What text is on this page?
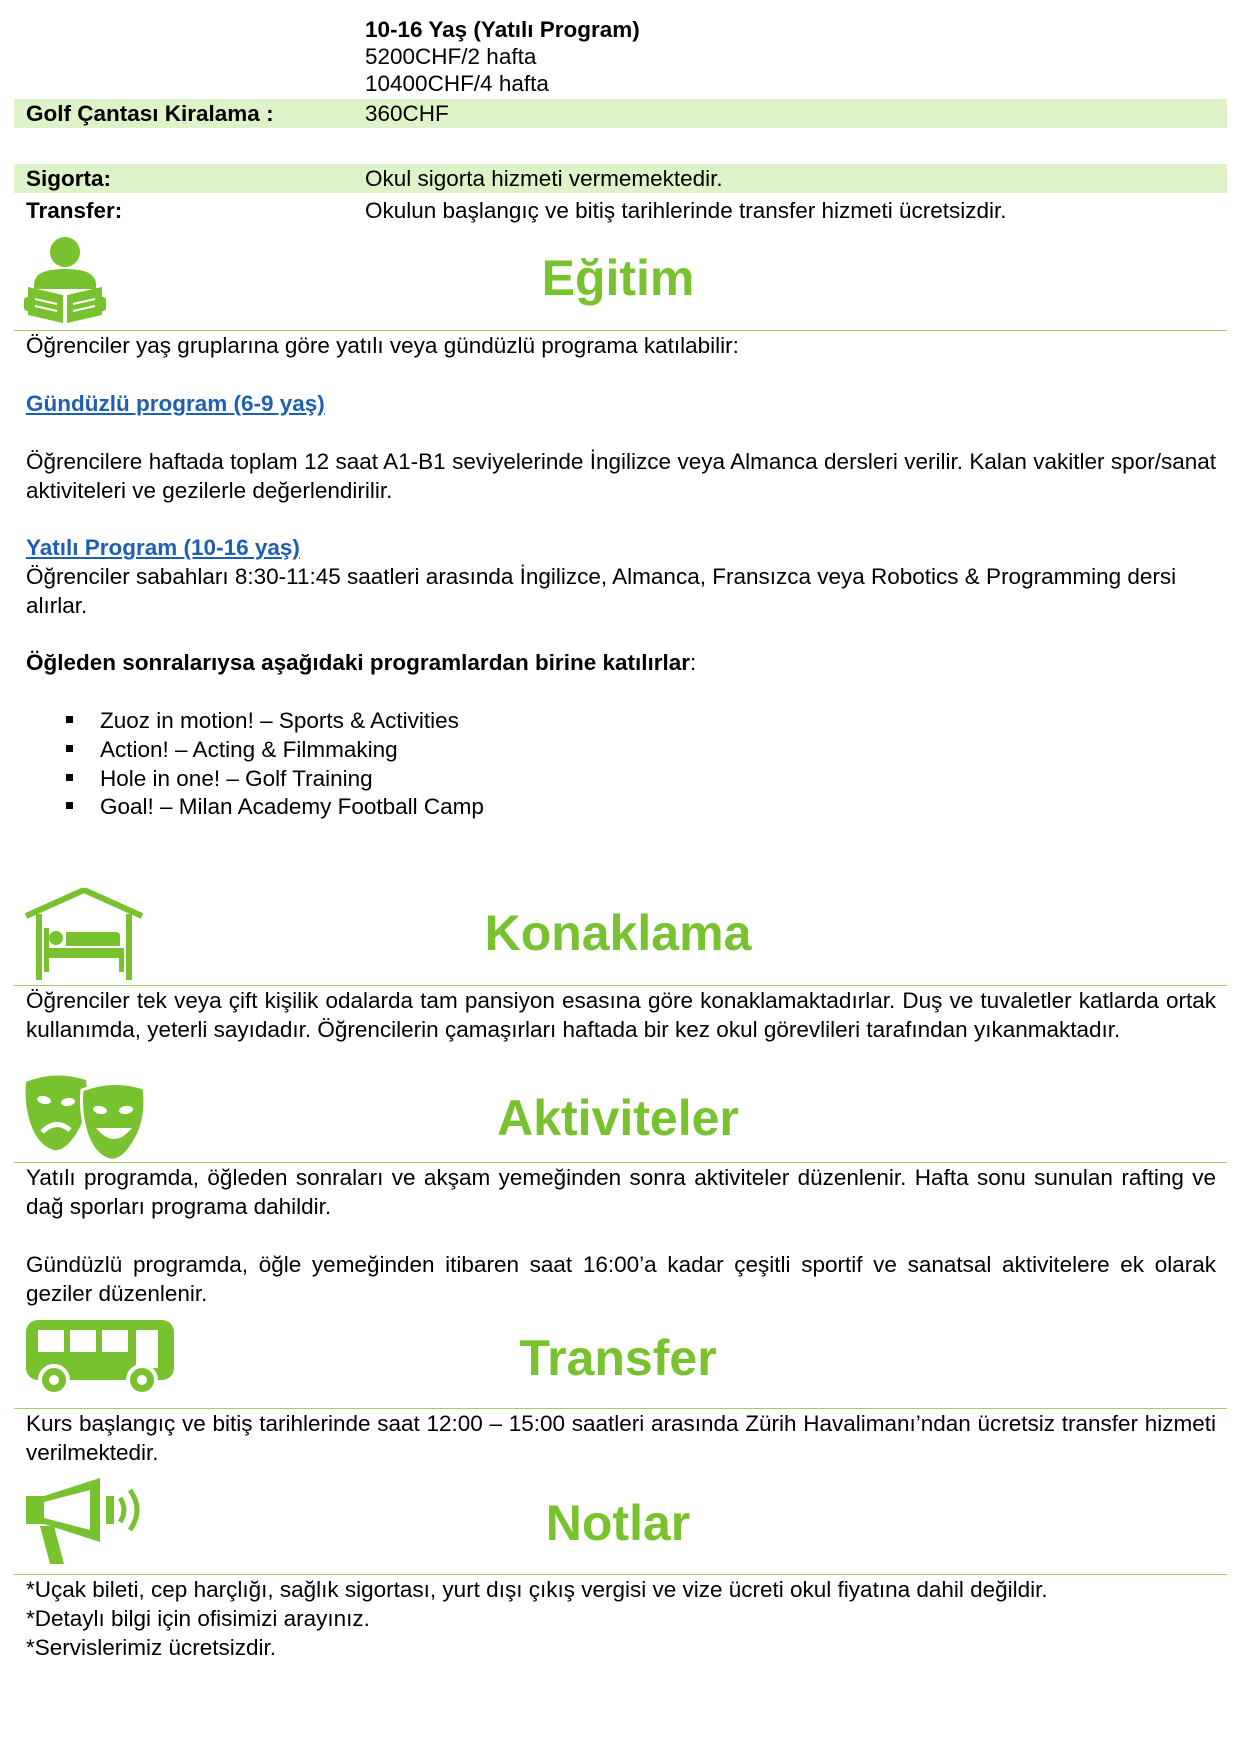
10-16 Yaş (Yatılı Program)
5200CHF/2 hafta
10400CHF/4 hafta
Golf Çantası Kiralama :	360CHF
Sigorta:	Okul sigorta hizmeti vermemektedir.
Transfer:	Okulun başlangıç ve bitiş tarihlerinde transfer hizmeti ücretsizdir.
Eğitim
Öğrenciler yaş gruplarına göre yatılı veya gündüzlü programa katılabilir:
Gündüzlü program (6-9 yaş)
Öğrencilere haftada toplam 12 saat A1-B1 seviyelerinde İngilizce veya Almanca dersleri verilir. Kalan vakitler spor/sanat aktiviteleri ve gezilerle değerlendirilir.
Yatılı Program (10-16 yaş)
Öğrenciler sabahları 8:30-11:45 saatleri arasında İngilizce, Almanca, Fransızca veya Robotics & Programming dersi alırlar.
Öğleden sonralarıysa aşağıdaki programlardan birine katılırlar:
Zuoz in motion! – Sports & Activities
Action! – Acting & Filmmaking
Hole in one! – Golf Training
Goal! – Milan Academy Football Camp
Konaklama
Öğrenciler tek veya çift kişilik odalarda tam pansiyon esasına göre konaklamaktadırlar. Duş ve tuvaletler katlarda ortak kullanımda, yeterli sayıdadır. Öğrencilerin çamaşırları haftada bir kez okul görevlileri tarafından yıkanmaktadır.
Aktiviteler
Yatılı programda, öğleden sonraları ve akşam yemeğinden sonra aktiviteler düzenlenir. Hafta sonu sunulan rafting ve dağ sporları programa dahildir.
Gündüzlü programda, öğle yemeğinden itibaren saat 16:00’a kadar çeşitli sportif ve sanatsal aktivitelere ek olarak geziler düzenlenir.
Transfer
Kurs başlangıç ve bitiş tarihlerinde saat 12:00 – 15:00 saatleri arasında Zürih Havalimanı’ndan ücretsiz transfer hizmeti verilmektedir.
Notlar
*Uçak bileti, cep harçlığı, sağlık sigortası, yurt dışı çıkış vergisi ve vize ücreti okul fiyatına dahil değildir.
*Detaylı bilgi için ofisimizi arayınız.
*Servislerimiz ücretsizdir.
